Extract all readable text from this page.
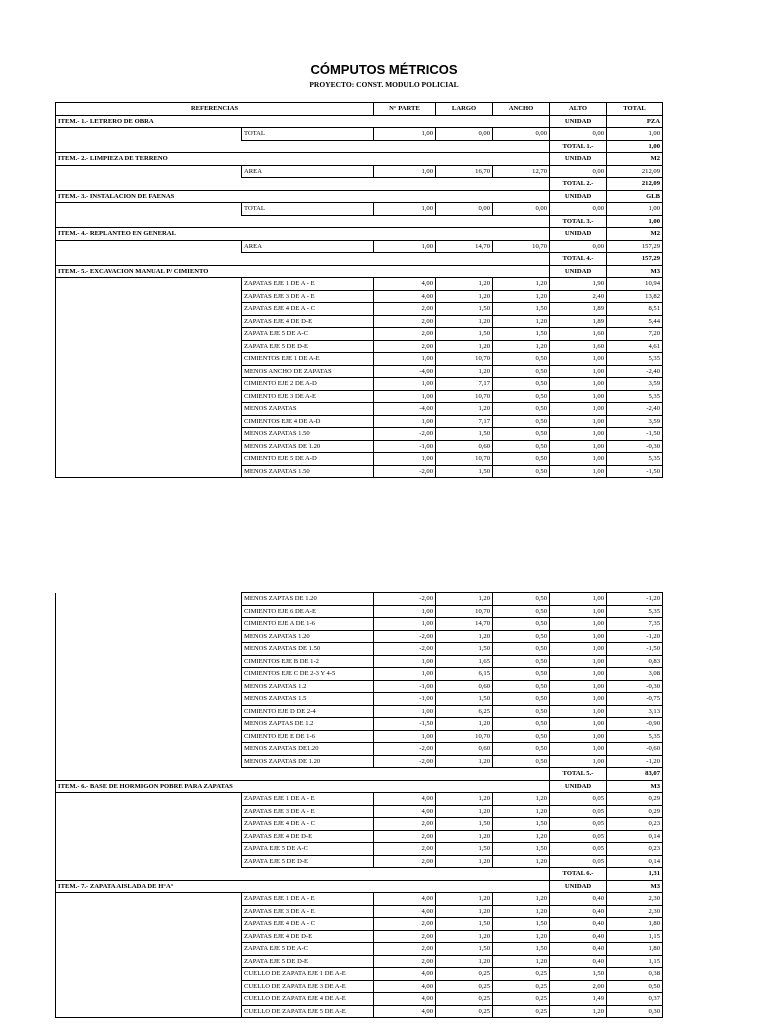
CÓMPUTOS MÉTRICOS
PROYECTO: CONST. MODULO POLICIAL
REFERENCIAS		N° PARTE	LARGO	ANCHO	ALTO	TOTAL
ITEM.- 1.- LETRERO DE OBRA					UNIDAD	PZA
	TOTAL	1,00	0,00	0,00	0,00	1,00
					TOTAL 1.-	1,00
ITEM.- 2.- LIMPIEZA DE TERRENO					UNIDAD	M2
	AREA	1,00	16,70	12,70	0,00	212,09
					TOTAL 2.-	212,09
ITEM.- 3.- INSTALACION DE FAENAS					UNIDAD	GLB
	TOTAL	1,00	0,00	0,00	0,00	1,00
					TOTAL 3.-	1,00
ITEM.- 4.- REPLANTEO EN GENERAL					UNIDAD	M2
	AREA	1,00	14,70	10,70	0,00	157,29
					TOTAL 4.-	157,29
ITEM.- 5.- EXCAVACION MANUAL P/ CIMIENTO					UNIDAD	M3
	ZAPATAS EJE 1 DE A - E	4,00	1,20	1,20	1,90	10,94
	ZAPATAS EJE 3 DE A - E	4,00	1,20	1,20	2,40	13,82
	ZAPATAS EJE 4 DE A - C	2,00	1,50	1,50	1,89	8,51
	ZAPATAS EJE 4 DE D-E	2,00	1,20	1,20	1,89	5,44
	ZAPATA EJE 5 DE A-C	2,00	1,50	1,50	1,60	7,20
	ZAPATA EJE 5 DE D-E	2,00	1,20	1,20	1,60	4,61
	CIMIENTOS EJE 1 DE A-E	1,00	10,70	0,50	1,00	5,35
	MENOS ANCHO DE ZAPATAS	-4,00	1,20	0,50	1,00	-2,40
	CIMIENTO EJE 2 DE A-D	1,00	7,17	0,50	1,00	3,59
	CIMIENTO EJE 3 DE A-E	1,00	10,70	0,50	1,00	5,35
	MENOS ZAPATAS	-4,00	1,20	0,50	1,00	-2,40
	CIMIENTOS EJE 4 DE A-D	1,00	7,17	0,50	1,00	3,59
	MENOS ZAPATAS 1.50	-2,00	1,50	0,50	1,00	-1,50
	MENOS ZAPATAS DE 1.20	-1,00	0,60	0,50	1,00	-0,30
	CIMIENTO EJE 5 DE A-D	1,00	10,70	0,50	1,00	5,35
	MENOS ZAPATAS 1.50	-2,00	1,50	0,50	1,00	-1,50
	MENOS ZAPTAS DE 1.20	-2,00	1,20	0,50	1,00	-1,20
	CIMIENTO EJE 6 DE A-E	1,00	10,70	0,50	1,00	5,35
	CIMIENTO EJE A DE 1-6	1,00	14,70	0,50	1,00	7,35
	MENOS ZAPATAS 1.20	-2,00	1,20	0,50	1,00	-1,20
	MENOS ZAPATAS DE 1.50	-2,00	1,50	0,50	1,00	-1,50
	CIMIENTOS EJE B DE 1-2	1,00	1,65	0,50	1,00	0,83
	CIMIENTOS EJE C DE 2-3 Y 4-5	1,00	6,15	0,50	1,00	3,08
	MENOS ZAPATAS 1.2	-1,00	0,60	0,50	1,00	-0,30
	MENOS ZAPATAS 1.5	-1,00	1,50	0,50	1,00	-0,75
	CIMIENTO EJE D DE 2-4	1,00	6,25	0,50	1,00	3,13
	MENOS ZAPTAS DE 1.2	-1,50	1,20	0,50	1,00	-0,90
	CIMIENTO EJE E DE 1-6	1,00	10,70	0,50	1,00	5,35
	MENOS ZAPATAS DE1.20	-2,00	0,60	0,50	1,00	-0,60
	MENOS ZAPATAS DE 1.20	-2,00	1,20	0,50	1,00	-1,20
					TOTAL 5.-	83,07
ITEM.- 6.- BASE DE HORMIGON POBRE PARA ZAPATAS					UNIDAD	M3
	ZAPATAS EJE 1 DE A - E	4,00	1,20	1,20	0,05	0,29
	ZAPATAS EJE 3 DE A - E	4,00	1,20	1,20	0,05	0,29
	ZAPATAS EJE 4 DE A - C	2,00	1,50	1,50	0,05	0,23
	ZAPATAS EJE 4 DE D-E	2,00	1,20	1,20	0,05	0,14
	ZAPATA EJE 5 DE A-C	2,00	1,50	1,50	0,05	0,23
	ZAPATA EJE 5 DE D-E	2,00	1,20	1,20	0,05	0,14
					TOTAL 6.-	1,31
ITEM.- 7.- ZAPATA AISLADA DE H°A°					UNIDAD	M3
	ZAPATAS EJE 1 DE A - E	4,00	1,20	1,20	0,40	2,30
	ZAPATAS EJE 3 DE A - E	4,00	1,20	1,20	0,40	2,30
	ZAPATAS EJE 4 DE A - C	2,00	1,50	1,50	0,40	1,80
	ZAPATAS EJE 4 DE D-E	2,00	1,20	1,20	0,40	1,15
	ZAPATA EJE 5 DE A-C	2,00	1,50	1,50	0,40	1,80
	ZAPATA EJE 5 DE D-E	2,00	1,20	1,20	0,40	1,15
	CUELLO DE ZAPATA EJE 1 DE A-E	4,00	0,25	0,25	1,50	0,38
	CUELLO DE ZAPATA EJE 3 DE A-E	4,00	0,25	0,25	2,00	0,50
	CUELLO DE ZAPATA EJE 4 DE A-E	4,00	0,25	0,25	1,49	0,37
	CUELLO DE ZAPATA EJE 5 DE A-E	4,00	0,25	0,25	1,20	0,30
